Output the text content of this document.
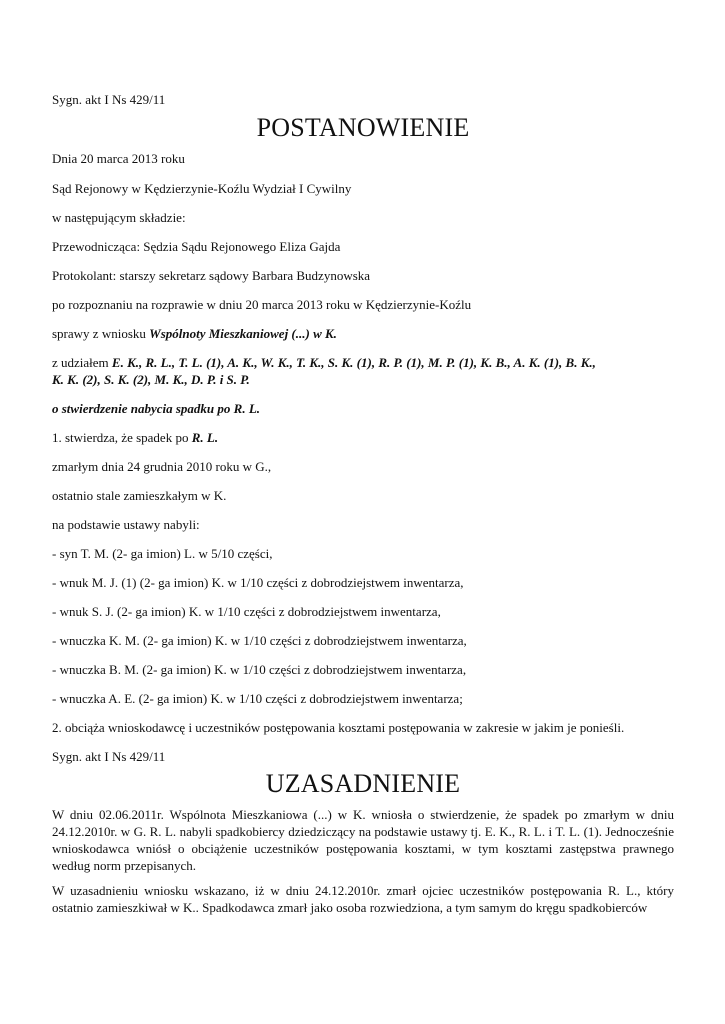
Sygn. akt I Ns 429/11
POSTANOWIENIE
Dnia 20 marca 2013 roku
Sąd Rejonowy w Kędzierzynie-Koźlu Wydział I Cywilny
w następującym składzie:
Przewodnicząca: Sędzia Sądu Rejonowego Eliza Gajda
Protokolant: starszy sekretarz sądowy Barbara Budzynowska
po rozpoznaniu na rozprawie w dniu 20 marca 2013 roku w Kędzierzynie-Koźlu
sprawy z wniosku Wspólnoty Mieszkaniowej (...) w K.
z udziałem E. K., R. L., T. L. (1), A. K., W. K., T. K., S. K. (1), R. P. (1), M. P. (1), K. B., A. K. (1), B. K.,
K. K. (2), S. K. (2), M. K., D. P. i S. P.
o stwierdzenie nabycia spadku po R. L.
1. stwierdza, że spadek po R. L.
zmarłym dnia 24 grudnia 2010 roku w G.,
ostatnio stale zamieszkałym w K.
na podstawie ustawy nabyli:
- syn T. M. (2- ga imion) L. w 5/10 części,
- wnuk M. J. (1) (2- ga imion) K. w 1/10 części z dobrodziejstwem inwentarza,
- wnuk S. J. (2- ga imion) K. w 1/10 części z dobrodziejstwem inwentarza,
- wnuczka K. M. (2- ga imion) K. w 1/10 części z dobrodziejstwem inwentarza,
- wnuczka B. M. (2- ga imion) K. w 1/10 części z dobrodziejstwem inwentarza,
- wnuczka A. E. (2- ga imion) K. w 1/10 części z dobrodziejstwem inwentarza;
2. obciąża wnioskodawcę i uczestników postępowania kosztami postępowania w zakresie w jakim je ponieśli.
Sygn. akt I Ns 429/11
UZASADNIENIE
W dniu 02.06.2011r. Wspólnota Mieszkaniowa (...) w K. wniosła o stwierdzenie, że spadek po zmarłym w dniu 24.12.2010r. w G. R. L. nabyli spadkobiercy dziedziczący na podstawie ustawy tj. E. K., R. L. i T. L. (1). Jednocześnie wnioskodawca wniósł o obciążenie uczestników postępowania kosztami, w tym kosztami zastępstwa prawnego według norm przepisanych.
W uzasadnieniu wniosku wskazano, iż w dniu 24.12.2010r. zmarł ojciec uczestników postępowania R. L., który ostatnio zamieszkiwał w K.. Spadkodawca zmarł jako osoba rozwiedziona, a tym samym do kręgu spadkobierców
